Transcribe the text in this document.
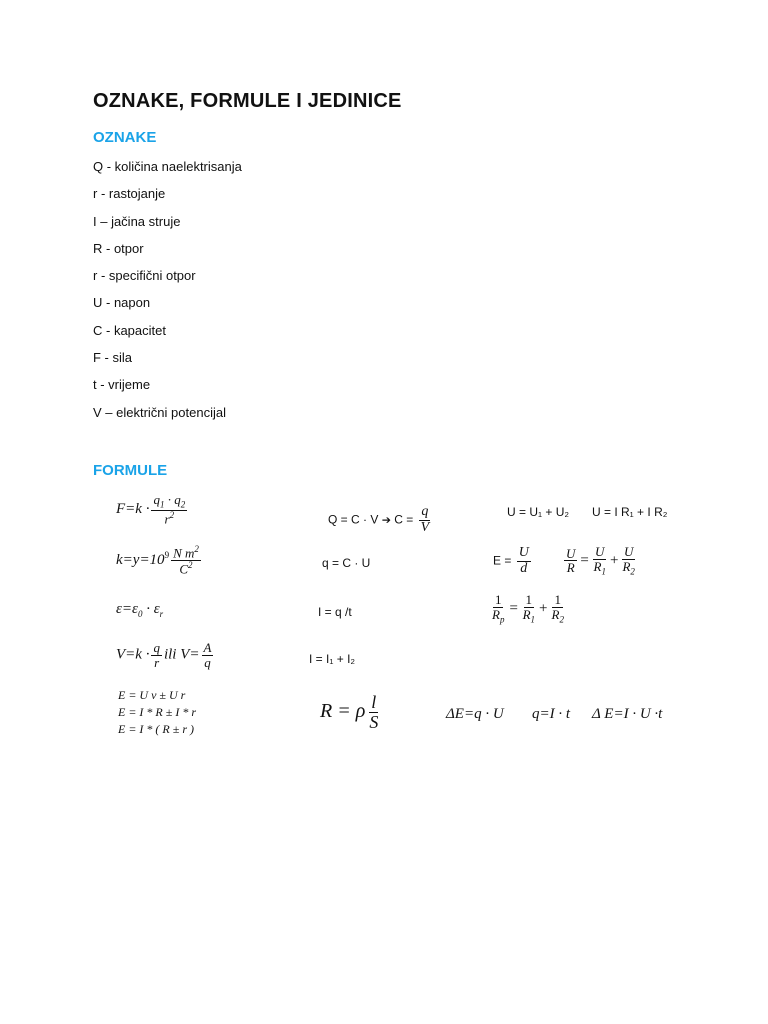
OZNAKE, FORMULE I JEDINICE
OZNAKE
Q - količina naelektrisanja
r - rastojanje
I – jačina struje
R - otpor
r - specifični otpor
U - napon
C - kapacitet
F - sila
t - vrijeme
V – električni potencijal
FORMULE
$F=k \cdot \frac{q_1 \cdot q_2}{r^2}$	Q = C · V ➔ $C = \frac{q}{V}$	U = U₁ + U₂ U = I R₁ + I R₂
$k=y=10^9 \frac{N m^2}{C^2}$	q = C · U	$E = \frac{U}{d}$	$\frac{U}{R} = \frac{U}{R_1} + \frac{U}{R_2}$
$\varepsilon=\varepsilon_0 \cdot \varepsilon_r$	I = q /t	$\frac{1}{R_p} = \frac{1}{R_1} + \frac{1}{R_2}$
$V=k \cdot \frac{q}{r}$ ili $V= \frac{A}{q}$	I = I₁ + I₂
E = U v ± U r
E = I * R ± I * r
E = I * ( R ± r )
R = ρ $\frac{l}{S}$	ΔE=q · U q=I · t Δ E=I · U ·t
